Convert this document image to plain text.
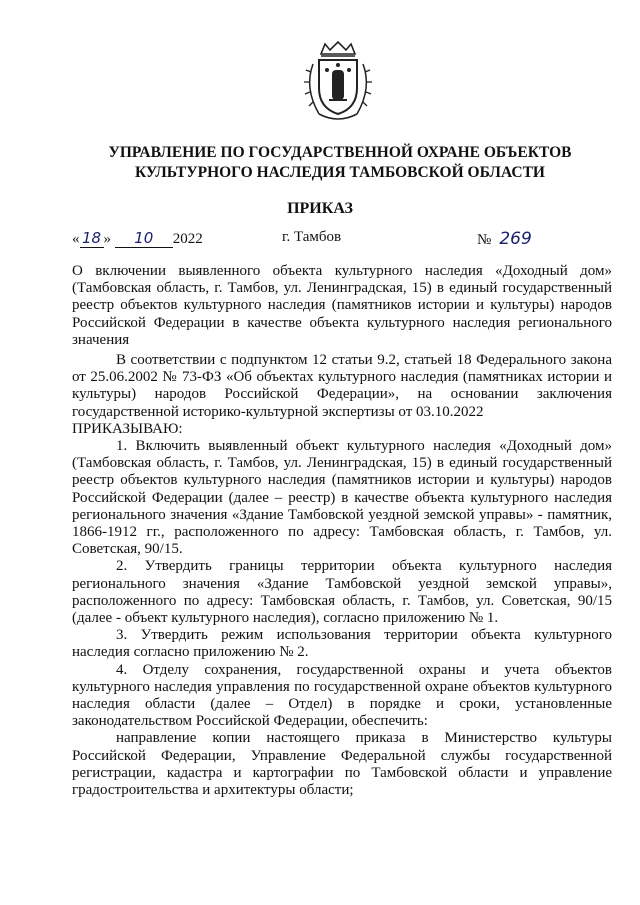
УПРАВЛЕНИЕ ПО ГОСУДАРСТВЕННОЙ ОХРАНЕ ОБЪЕКТОВ
КУЛЬТУРНОГО НАСЛЕДИЯ ТАМБОВСКОЙ ОБЛАСТИ
ПРИКАЗ
« 18 » 10 2022	г. Тамбов	№ 269

О включении выявленного объекта культурного наследия «Доходный дом» (Тамбовская область, г. Тамбов, ул. Ленинградская, 15) в единый государственный реестр объектов культурного наследия (памятников истории и культуры) народов Российской Федерации в качестве объекта культурного наследия регионального значения

В соответствии с подпунктом 12 статьи 9.2, статьей 18 Федерального закона от 25.06.2002 № 73-ФЗ «Об объектах культурного наследия (памятниках истории и культуры) народов Российской Федерации», на основании заключения государственной историко-культурной экспертизы от 03.10.2022

ПРИКАЗЫВАЮ:

1. Включить выявленный объект культурного наследия «Доходный дом» (Тамбовская область, г. Тамбов, ул. Ленинградская, 15) в единый государственный реестр объектов культурного наследия (памятников истории и культуры) народов Российской Федерации (далее – реестр) в качестве объекта культурного наследия регионального значения «Здание Тамбовской уездной земской управы» - памятник, 1866-1912 гг., расположенного по адресу: Тамбовская область, г. Тамбов, ул. Советская, 90/15.

2. Утвердить границы территории объекта культурного наследия регионального значения «Здание Тамбовской уездной земской управы», расположенного по адресу: Тамбовская область, г. Тамбов, ул. Советская, 90/15 (далее - объект культурного наследия), согласно приложению № 1.

3. Утвердить режим использования территории объекта культурного наследия согласно приложению № 2.

4. Отделу сохранения, государственной охраны и учета объектов культурного наследия управления по государственной охране объектов культурного наследия области (далее – Отдел) в порядке и сроки, установленные законодательством Российской Федерации, обеспечить:

направление копии настоящего приказа в Министерство культуры Российской Федерации, Управление Федеральной службы государственной регистрации, кадастра и картографии по Тамбовской области и управление градостроительства и архитектуры области;
